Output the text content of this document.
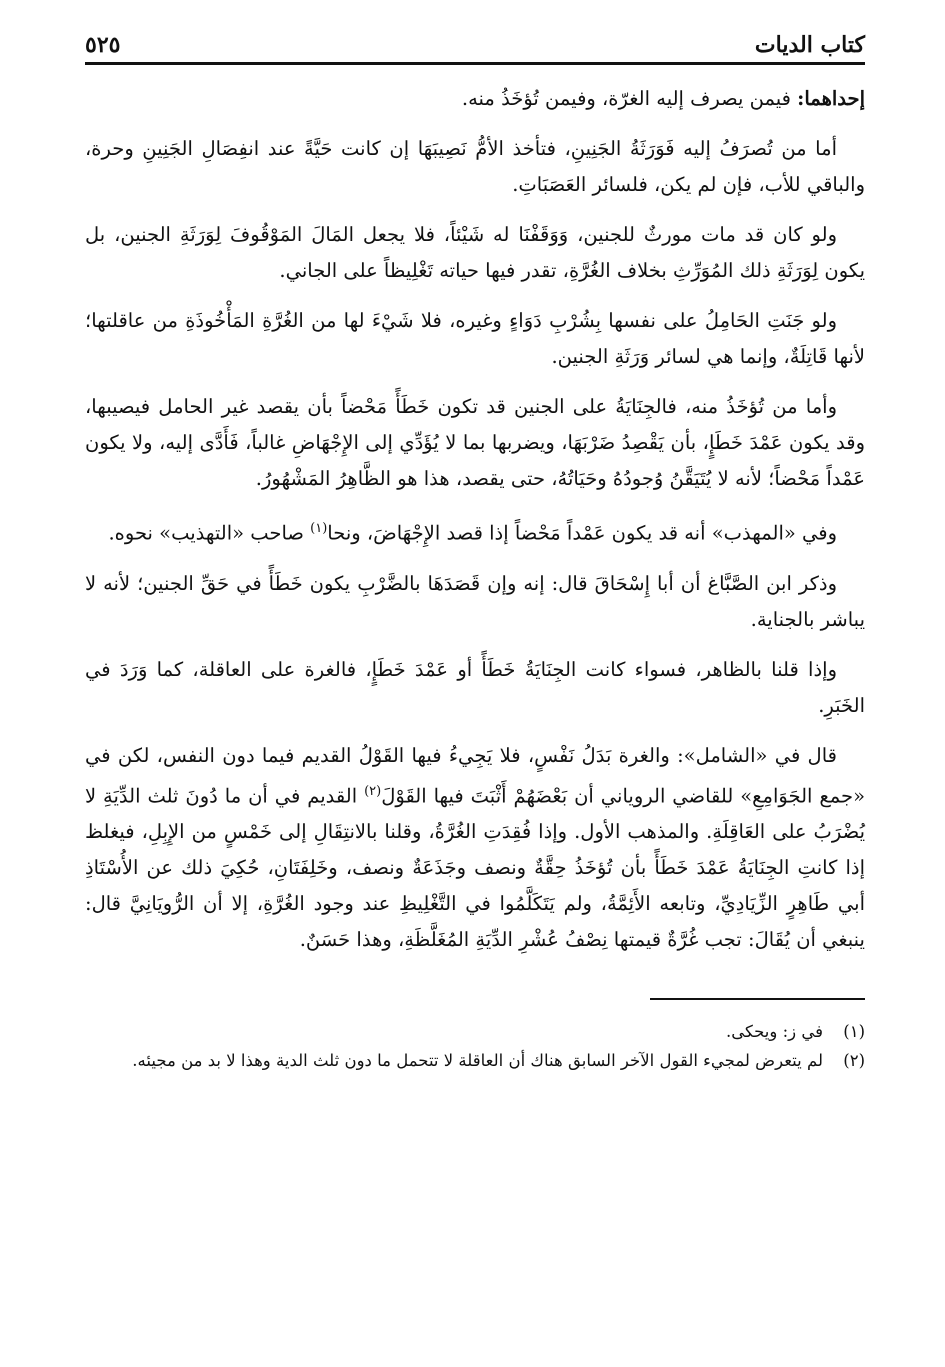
كتاب الديات
٥٢٥

إحداهما: فيمن يصرف إليه الغرّة، وفيمن تُؤخَذُ منه.

أما من تُصرَفُ إليه فَوَرَثَةُ الجَنِينِ، فتأخذ الأمُّ نَصِيبَهَا إن كانت حَيَّةً عند انفِصَالِ الجَنِينِ وحرة، والباقي للأب، فإن لم يكن، فلسائر العَصَبَاتِ.

ولو كان قد مات مورثٌ للجنين، وَوَقَفْنَا له شَيْئاً، فلا يجعل المَالَ المَوْقُوفَ لِوَرَثَةِ الجنين، بل يكون لِوَرَثَةِ ذلك المُوَرِّثِ بخلاف الغُرَّةِ، تقدر فيها حياته تَغْلِيظاً على الجاني.

ولو جَنَتِ الحَامِلُ على نفسها بِشُرْبِ دَوَاءٍ وغيره، فلا شَيْءَ لها من الغُرَّةِ المَأْخُوذَةِ من عاقلتها؛ لأنها قَاتِلَةٌ، وإنما هي لسائر وَرَثَةِ الجنين.

وأما من تُؤخَذُ منه، فالجِنَايَةُ على الجنين قد تكون خَطَأً مَحْضاً بأن يقصد غير الحامل فيصيبها، وقد يكون عَمْدَ خَطَإٍ، بأن يَقْصِدُ ضَرْبَهَا، ويضربها بما لا يُؤَدِّي إلى الإِجْهَاضِ غالباً، فَأَدَّى إليه، ولا يكون عَمْداً مَحْضاً؛ لأنه لا يُتَيَقَّنُ وُجودُهُ وحَيَاتُهُ، حتى يقصد، هذا هو الظَّاهِرُ المَشْهُورُ.

وفي «المهذب» أنه قد يكون عَمْداً مَحْضاً إذا قصد الإِجْهَاضَ، ونحا$^{(١)}$ صاحب «التهذيب» نحوه.

وذكر ابن الصَّبَّاغ أن أبا إِسْحَاقَ قال: إنه وإن قَصَدَهَا بالضَّرْبِ يكون خَطَأً في حَقِّ الجنين؛ لأنه لا يباشر بالجناية.

وإذا قلنا بالظاهر، فسواء كانت الجِنَايَةُ خَطَأً أو عَمْدَ خَطَإٍ، فالغرة على العاقلة، كما وَرَدَ في الخَبَرِ.

قال في «الشامل»: والغرة بَدَلُ نَفْسٍ، فلا يَجِيءُ فيها القَوْلُ القديم فيما دون النفس، لكن في «جمع الجَوَامِعِ» للقاضي الروياني أن بَعْضَهُمْ أَثْبَتَ فيها القَوْلَ$^{(٢)}$ القديم في أن ما دُونَ ثلث الدِّيَةِ لا يُضْرَبُ على العَاقِلَةِ. والمذهب الأول. وإذا فُقِدَتِ الغُرَّةُ، وقلنا بالانتِقَالِ إلى خَمْسٍ من الإِبِلِ، فيغلظ إذا كانتِ الجِنَايَةُ عَمْدَ خَطَأً بأن تُؤخَذُ حِقَّةٌ ونصف وجَذَعَةٌ ونصف، وخَلِفَتَانِ، حُكِيَ ذلك عن الأُسْتَاذِ أبي طَاهِرٍ الزِّيَادِيِّ، وتابعه الأَئِمَّةُ، ولم يَتَكَلَّمُوا في التَّغْلِيظِ عند وجود الغُرَّةِ، إلا أن الرُّويَانِيَّ قال: ينبغي أن يُقَالَ: تجب غُرَّةٌ قيمتها نِصْفُ عُشْرِ الدِّيَةِ المُغَلَّظَةِ، وهذا حَسَنٌ.

(١)
في ز: ويحكى.
(٢)
لم يتعرض لمجيء القول الآخر السابق هناك أن العاقلة لا تتحمل ما دون ثلث الدية وهذا لا بد من مجيئه.
